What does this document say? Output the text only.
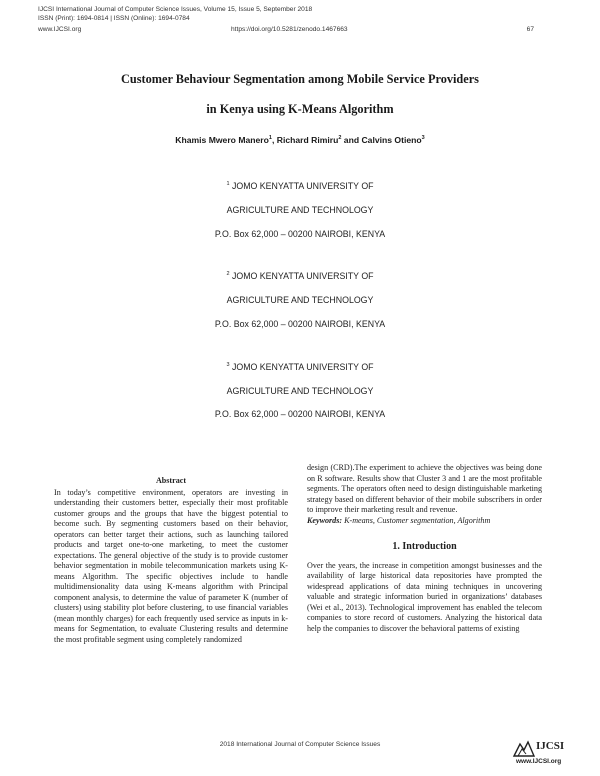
IJCSI International Journal of Computer Science Issues, Volume 15, Issue 5, September 2018
ISSN (Print): 1694-0814 | ISSN (Online): 1694-0784
www.IJCSI.org	https://doi.org/10.5281/zenodo.1467663	67
Customer Behaviour Segmentation among Mobile Service Providers
in Kenya using K-Means Algorithm
Khamis Mwero Manero$^1$, Richard Rimiru$^2$ and Calvins Otieno$^3$
$^1$ JOMO KENYATTA UNIVERSITY OF
AGRICULTURE AND TECHNOLOGY
P.O. Box 62,000 – 00200 NAIROBI, KENYA
$^2$ JOMO KENYATTA UNIVERSITY OF
AGRICULTURE AND TECHNOLOGY
P.O. Box 62,000 – 00200 NAIROBI, KENYA
$^3$ JOMO KENYATTA UNIVERSITY OF
AGRICULTURE AND TECHNOLOGY
P.O. Box 62,000 – 00200 NAIROBI, KENYA
Abstract

In today’s competitive environment, operators are investing in understanding their customers better, especially their most profitable customer groups and the groups that have the biggest potential to become such. By segmenting customers based on their behavior, operators can better target their actions, such as launching tailored products and target one-to-one marketing, to meet the customer expectations. The general objective of the study is to provide customer behavior segmentation in mobile telecommunication markets using K-means Algorithm. The specific objectives include to handle multidimensionality data using K-means algorithm with Principal component analysis, to determine the value of parameter K (number of clusters) using stability plot before clustering, to use financial variables (mean monthly charges) for each frequently used service as inputs in k-means for Segmentation, to evaluate Clustering results and determine the most profitable segment using completely randomized

design (CRD).The experiment to achieve the objectives was being done on R software. Results show that Cluster 3 and 1 are the most profitable segments. The operators often need to design distinguishable marketing strategy based on different behavior of their mobile subscribers in order to improve their marketing result and revenue.

Keywords: K-means, Customer segmentation, Algorithm

1. Introduction

Over the years, the increase in competition amongst businesses and the availability of large historical data repositories have prompted the widespread applications of data mining techniques in uncovering valuable and strategic information buried in organizations’ databases (Wei et al., 2013). Technological improvement has enabled the telecom companies to store record of customers. Analyzing the historical data help the companies to discover the behavioral patterns of existing

2018 International Journal of Computer Science Issues	IJCSI
www.IJCSI.org
